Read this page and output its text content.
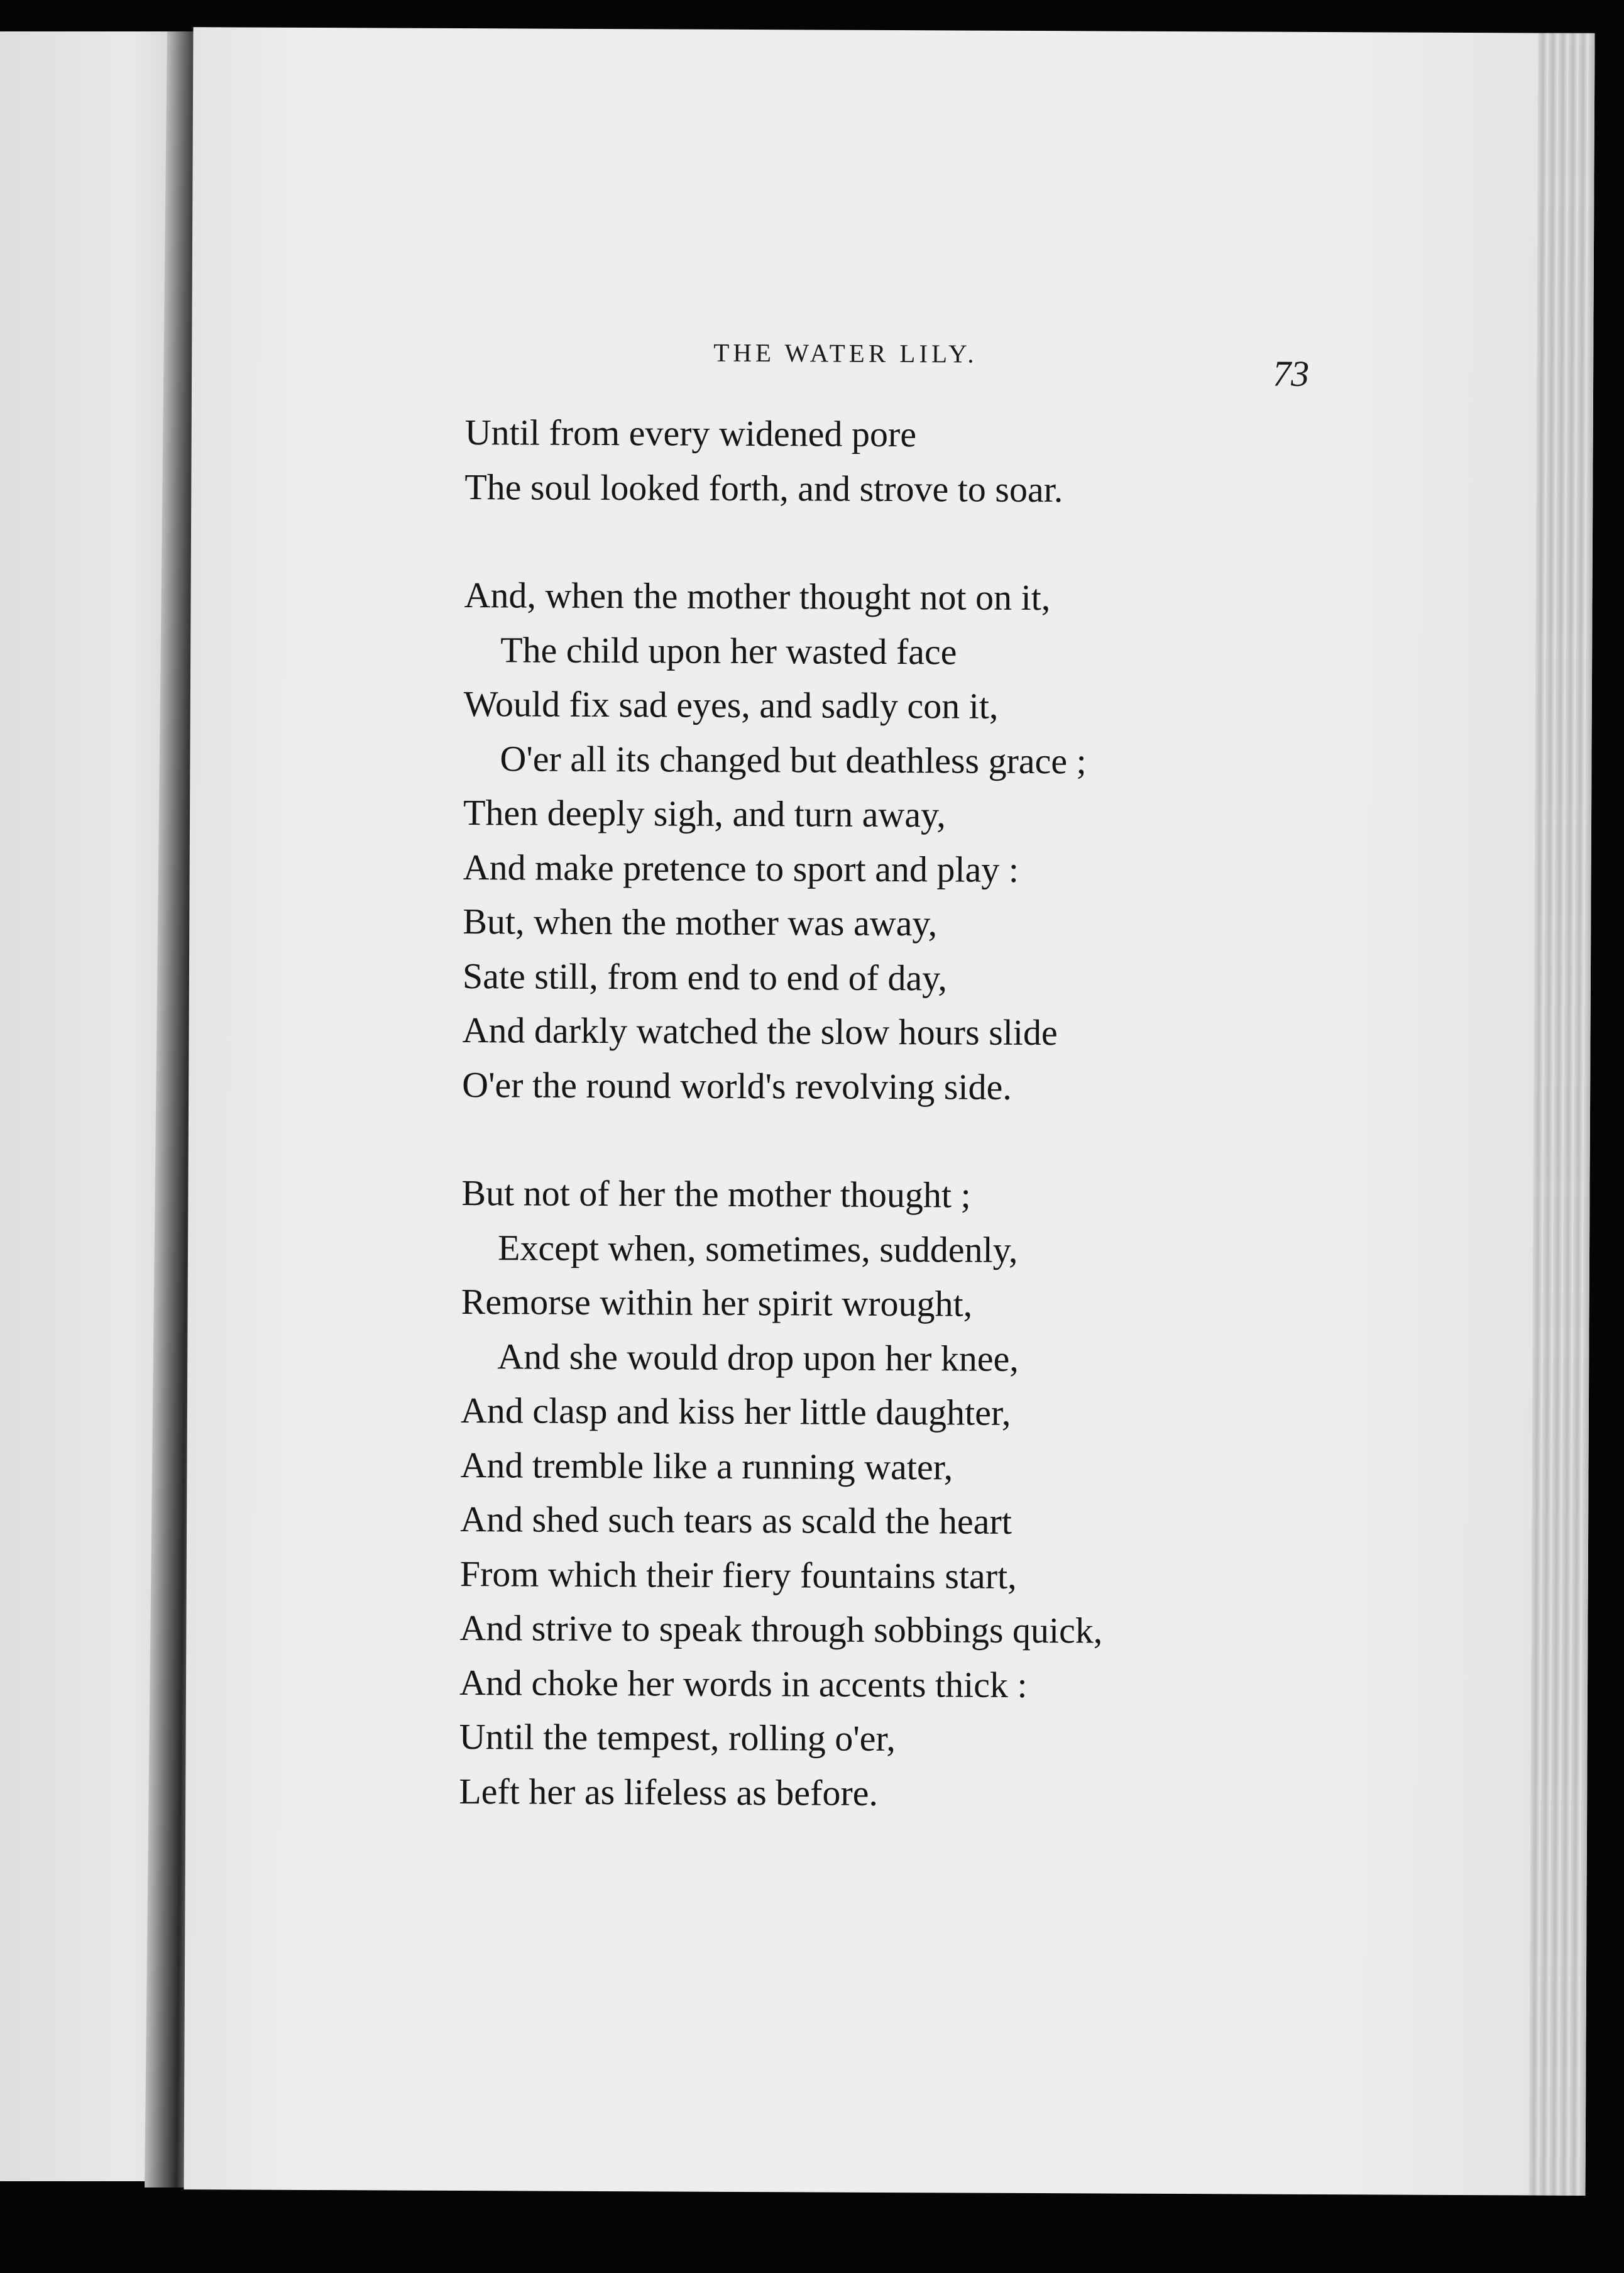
THE WATER LILY.	73

Until from every widened pore

The soul looked forth, and strove to soar.

And, when the mother thought not on it,

The child upon her wasted face

Would fix sad eyes, and sadly con it,

O'er all its changed but deathless grace ;

Then deeply sigh, and turn away,

And make pretence to sport and play :

But, when the mother was away,

Sate still, from end to end of day,

And darkly watched the slow hours slide

O'er the round world's revolving side.

But not of her the mother thought ;

Except when, sometimes, suddenly,

Remorse within her spirit wrought,

And she would drop upon her knee,

And clasp and kiss her little daughter,

And tremble like a running water,

And shed such tears as scald the heart

From which their fiery fountains start,

And strive to speak through sobbings quick,

And choke her words in accents thick :

Until the tempest, rolling o'er,

Left her as lifeless as before.
